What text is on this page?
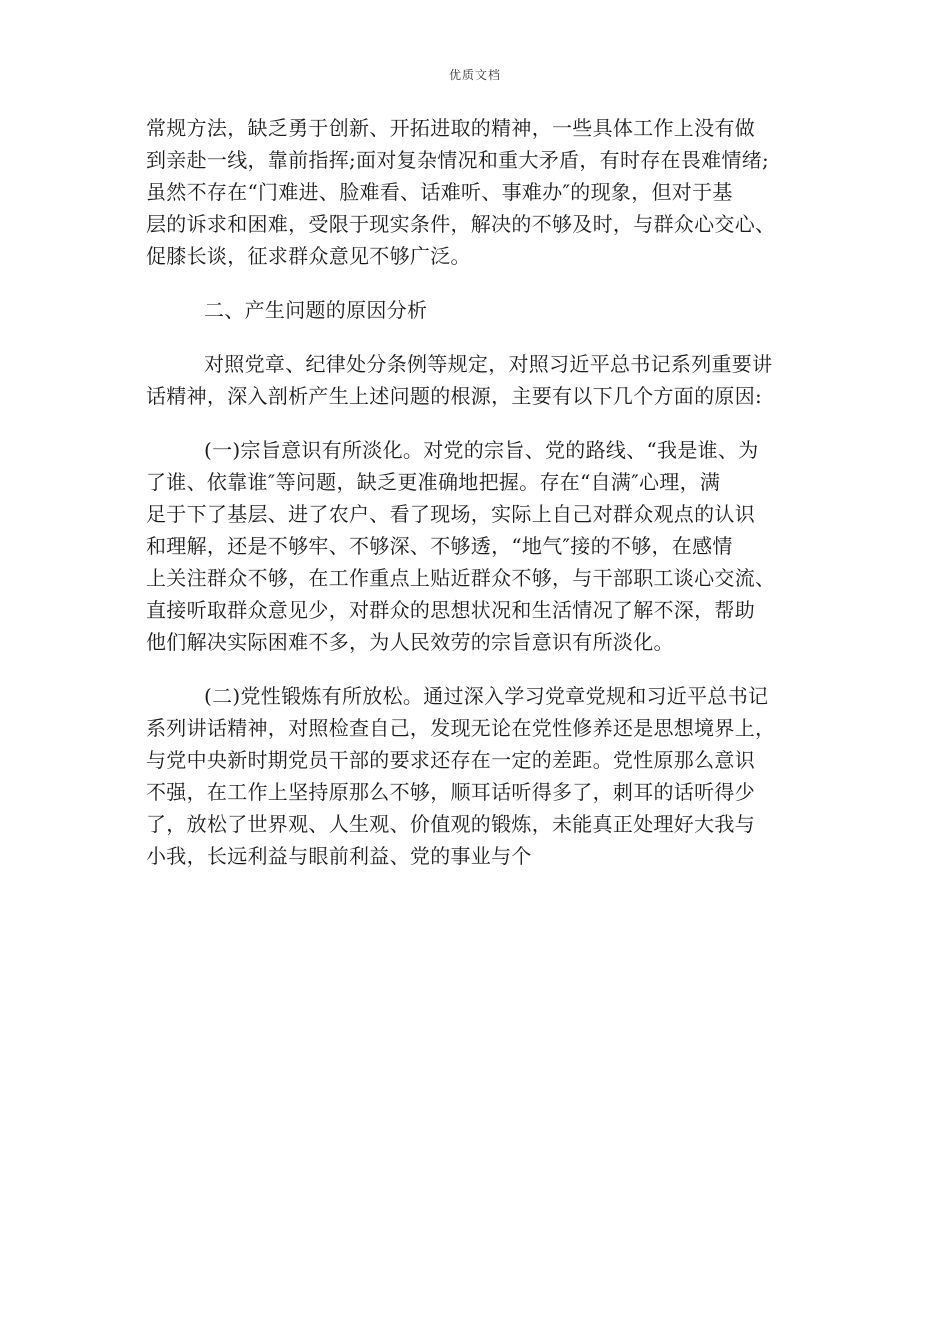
优质文档
常规方法，缺乏勇于创新、开拓进取的精神，一些具体工作上没有做
到亲赴一线，靠前指挥;面对复杂情况和重大矛盾，有时存在畏难情绪;
虽然不存在“门难进、脸难看、话难听、事难办″的现象，但对于基
层的诉求和困难，受限于现实条件，解决的不够及时，与群众心交心、
促膝长谈，征求群众意见不够广泛。
二、产生问题的原因分析
对照党章、纪律处分条例等规定，对照习近平总书记系列重要讲
话精神，深入剖析产生上述问题的根源，主要有以下几个方面的原因:
(一)宗旨意识有所淡化。对党的宗旨、党的路线、“我是谁、为
了谁、依靠谁″等问题，缺乏更准确地把握。存在“自满″心理，满
足于下了基层、进了农户、看了现场，实际上自己对群众观点的认识
和理解，还是不够牢、不够深、不够透，“地气″接的不够，在感情
上关注群众不够，在工作重点上贴近群众不够，与干部职工谈心交流、
直接听取群众意见少，对群众的思想状况和生活情况了解不深，帮助
他们解决实际困难不多，为人民效劳的宗旨意识有所淡化。
(二)党性锻炼有所放松。通过深入学习党章党规和习近平总书记
系列讲话精神，对照检查自己，发现无论在党性修养还是思想境界上，
与党中央新时期党员干部的要求还存在一定的差距。党性原那么意识
不强，在工作上坚持原那么不够，顺耳话听得多了，刺耳的话听得少
了，放松了世界观、人生观、价值观的锻炼，未能真正处理好大我与
小我，长远利益与眼前利益、党的事业与个
